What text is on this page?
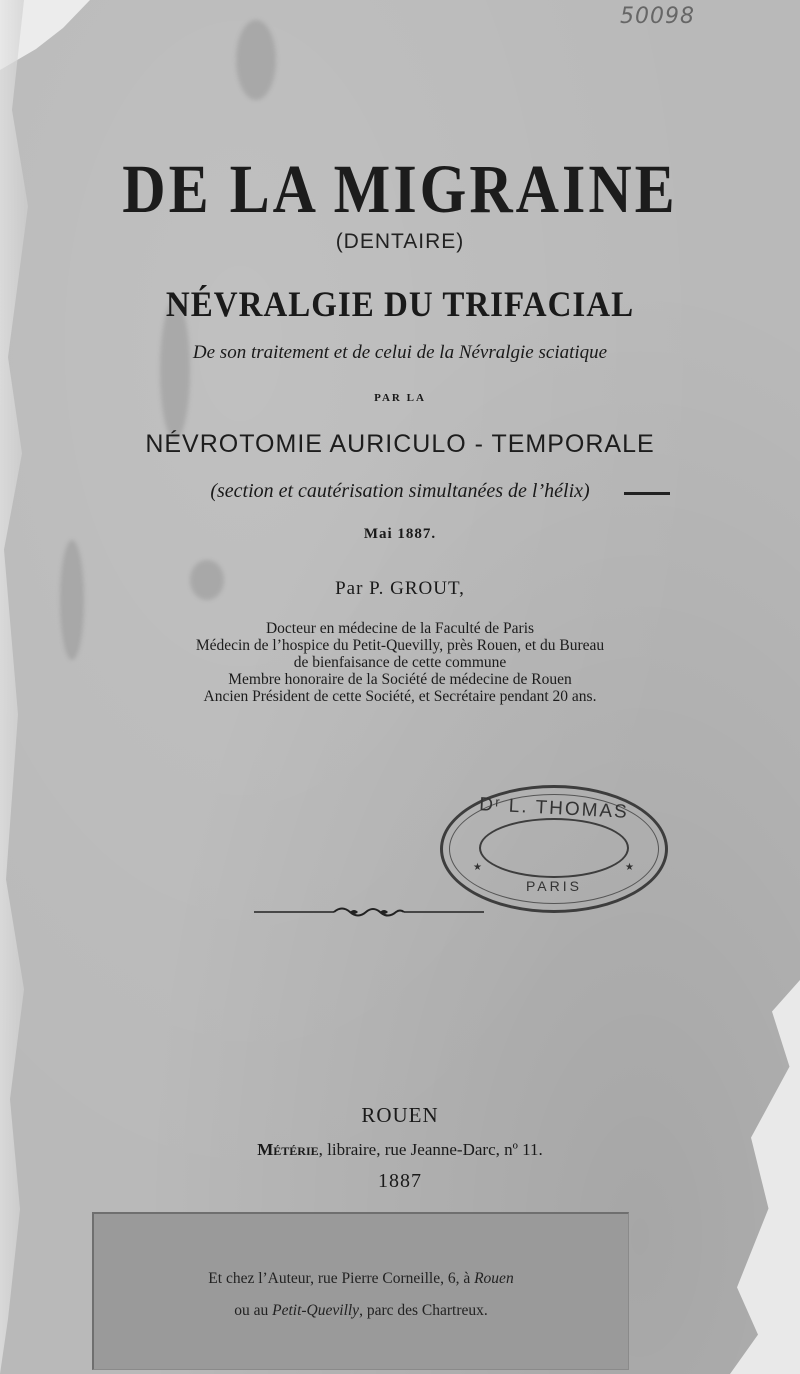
50098
DE LA MIGRAINE
(DENTAIRE)
NÉVRALGIE DU TRIFACIAL
De son traitement et de celui de la Névralgie sciatique
PAR LA
NÉVROTOMIE AURICULO - TEMPORALE
(section et cautérisation simultanées de l’hélix)
Mai 1887.
Par P. GROUT,
Docteur en médecine de la Faculté de Paris
Médecin de l’hospice du Petit-Quevilly, près Rouen, et du Bureau
de bienfaisance de cette commune
Membre honoraire de la Société de médecine de Rouen
Ancien Président de cette Société, et Secrétaire pendant 20 ans.
Dʳ L. THOMAS
★	★
PARIS
ROUEN
Métérie, libraire, rue Jeanne-Darc, nº 11.
1887
Et chez l’Auteur, rue Pierre Corneille, 6, à Rouen
ou au Petit-Quevilly, parc des Chartreux.
